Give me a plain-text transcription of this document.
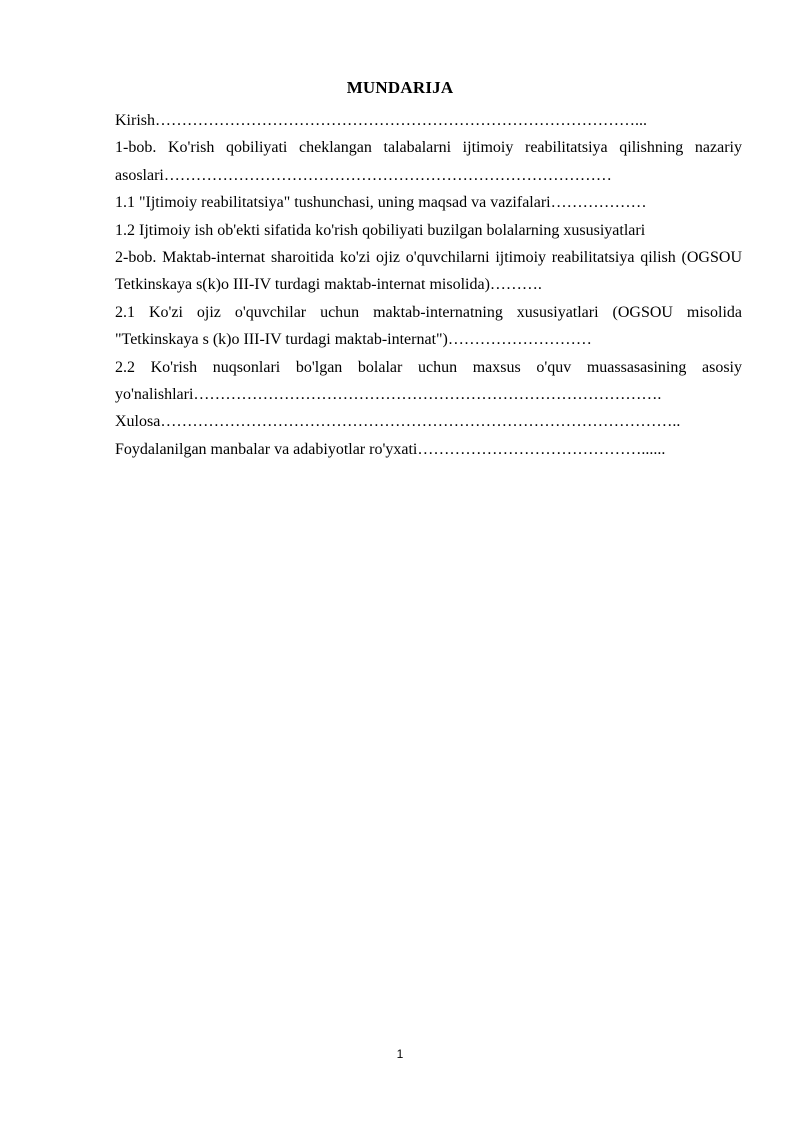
MUNDARIJA

Kirish………………………………………………………………………………...

1-bob. Ko'rish qobiliyati cheklangan talabalarni ijtimoiy reabilitatsiya qilishning nazariy asoslari…………………………………………………………………………

1.1 "Ijtimoiy reabilitatsiya" tushunchasi, uning maqsad va vazifalari………………

1.2 Ijtimoiy ish ob'ekti sifatida ko'rish qobiliyati buzilgan bolalarning xususiyatlari

2-bob. Maktab-internat sharoitida ko'zi ojiz o'quvchilarni ijtimoiy reabilitatsiya qilish (OGSOU Tetkinskaya s(k)o III-IV turdagi maktab-internat misolida)……….

2.1 Ko'zi ojiz o'quvchilar uchun maktab-internatning xususiyatlari (OGSOU misolida "Tetkinskaya s (k)o III-IV turdagi maktab-internat")………………………

2.2 Ko'rish nuqsonlari bo'lgan bolalar uchun maxsus o'quv muassasasining asosiy yo'nalishlari…………………………………………………………………………….

Xulosa……………………………………………………………………………………..

Foydalanilgan manbalar va adabiyotlar ro'yxati……………………………………......

1
